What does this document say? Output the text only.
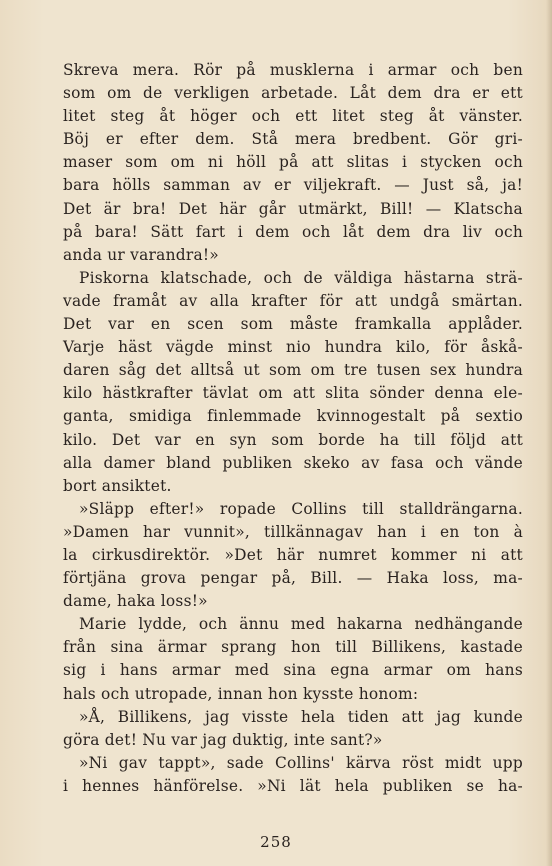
Skreva mera. Rör på musklerna i armar och ben
som om de verkligen arbetade. Låt dem dra er ett
litet steg åt höger och ett litet steg åt vänster.
Böj er efter dem. Stå mera bredbent. Gör gri-
maser som om ni höll på att slitas i stycken och
bara hölls samman av er viljekraft. — Just så, ja!
Det är bra! Det här går utmärkt, Bill! — Klatscha
på bara! Sätt fart i dem och låt dem dra liv och
anda ur varandra!»
Piskorna klatschade, och de väldiga hästarna strä-
vade framåt av alla krafter för att undgå smärtan.
Det var en scen som måste framkalla applåder.
Varje häst vägde minst nio hundra kilo, för åskå-
daren såg det alltså ut som om tre tusen sex hundra
kilo hästkrafter tävlat om att slita sönder denna ele-
ganta, smidiga finlemmade kvinnogestalt på sextio
kilo. Det var en syn som borde ha till följd att
alla damer bland publiken skeko av fasa och vände
bort ansiktet.
»Släpp efter!» ropade Collins till stalldrängarna.
»Damen har vunnit», tillkännagav han i en ton à
la cirkusdirektör. »Det här numret kommer ni att
förtjäna grova pengar på, Bill. — Haka loss, ma-
dame, haka loss!»
Marie lydde, och ännu med hakarna nedhängande
från sina ärmar sprang hon till Billikens, kastade
sig i hans armar med sina egna armar om hans
hals och utropade, innan hon kysste honom:
»Å, Billikens, jag visste hela tiden att jag kunde
göra det! Nu var jag duktig, inte sant?»
»Ni gav tappt», sade Collins' kärva röst midt upp
i hennes hänförelse. »Ni lät hela publiken se ha-
258
